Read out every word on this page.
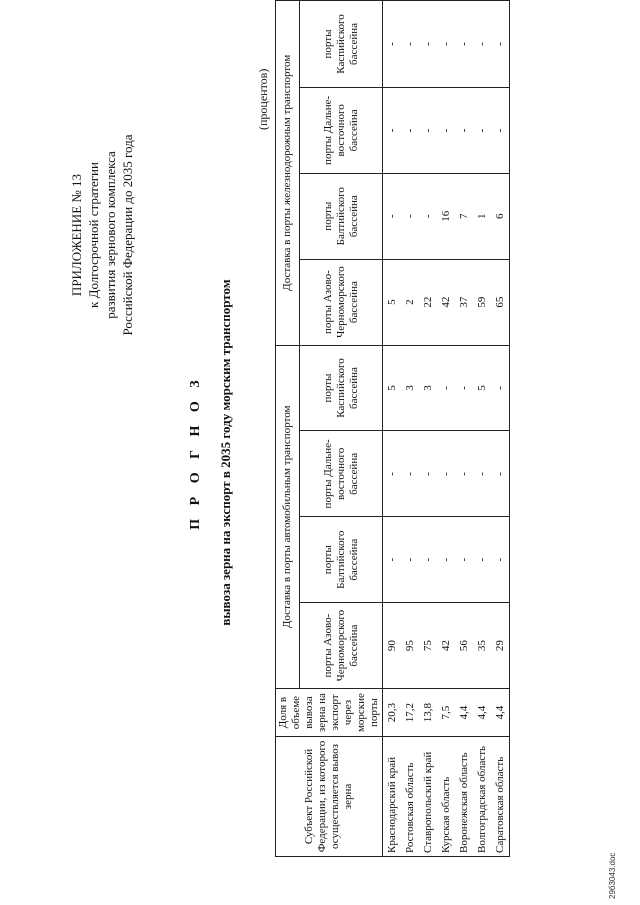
ПРИЛОЖЕНИЕ № 13 к Долгосрочной стратегии развития зернового комплекса Российской Федерации до 2035 года
П Р О Г Н О З вывоза зерна на экспорт в 2035 году морским транспортом
(процентов)
Субъект Российской Федерации, из которого осуществляется вывоз зерна	Доля в объеме вывоза зерна на экспорт через морские порты	Доставка в порты автомобильным транспортом				Доставка в порты железнодорожным транспортом			
		порты Азово-Черноморского бассейна	порты Балтийского бассейна	порты Дальне-восточного бассейна	порты Каспийского бассейна	порты Азово-Черноморского бассейна	порты Балтийского бассейна	порты Дальне-восточного бассейна	порты Каспийского бассейна
Краснодарский край	20,3	90	-	-	5	5	-	-	-
Ростовская область	17,2	95	-	-	3	2	-	-	-
Ставропольский край	13,8	75	-	-	3	22	-	-	-
Курская область	7,5	42	-	-	-	42	16	-	-
Воронежская область	4,4	56	-	-	-	37	7	-	-
Волгоградская область	4,4	35	-	-	5	59	1	-	-
Саратовская область	4,4	29	-	-	-	65	6	-	-
29б3043.doc
